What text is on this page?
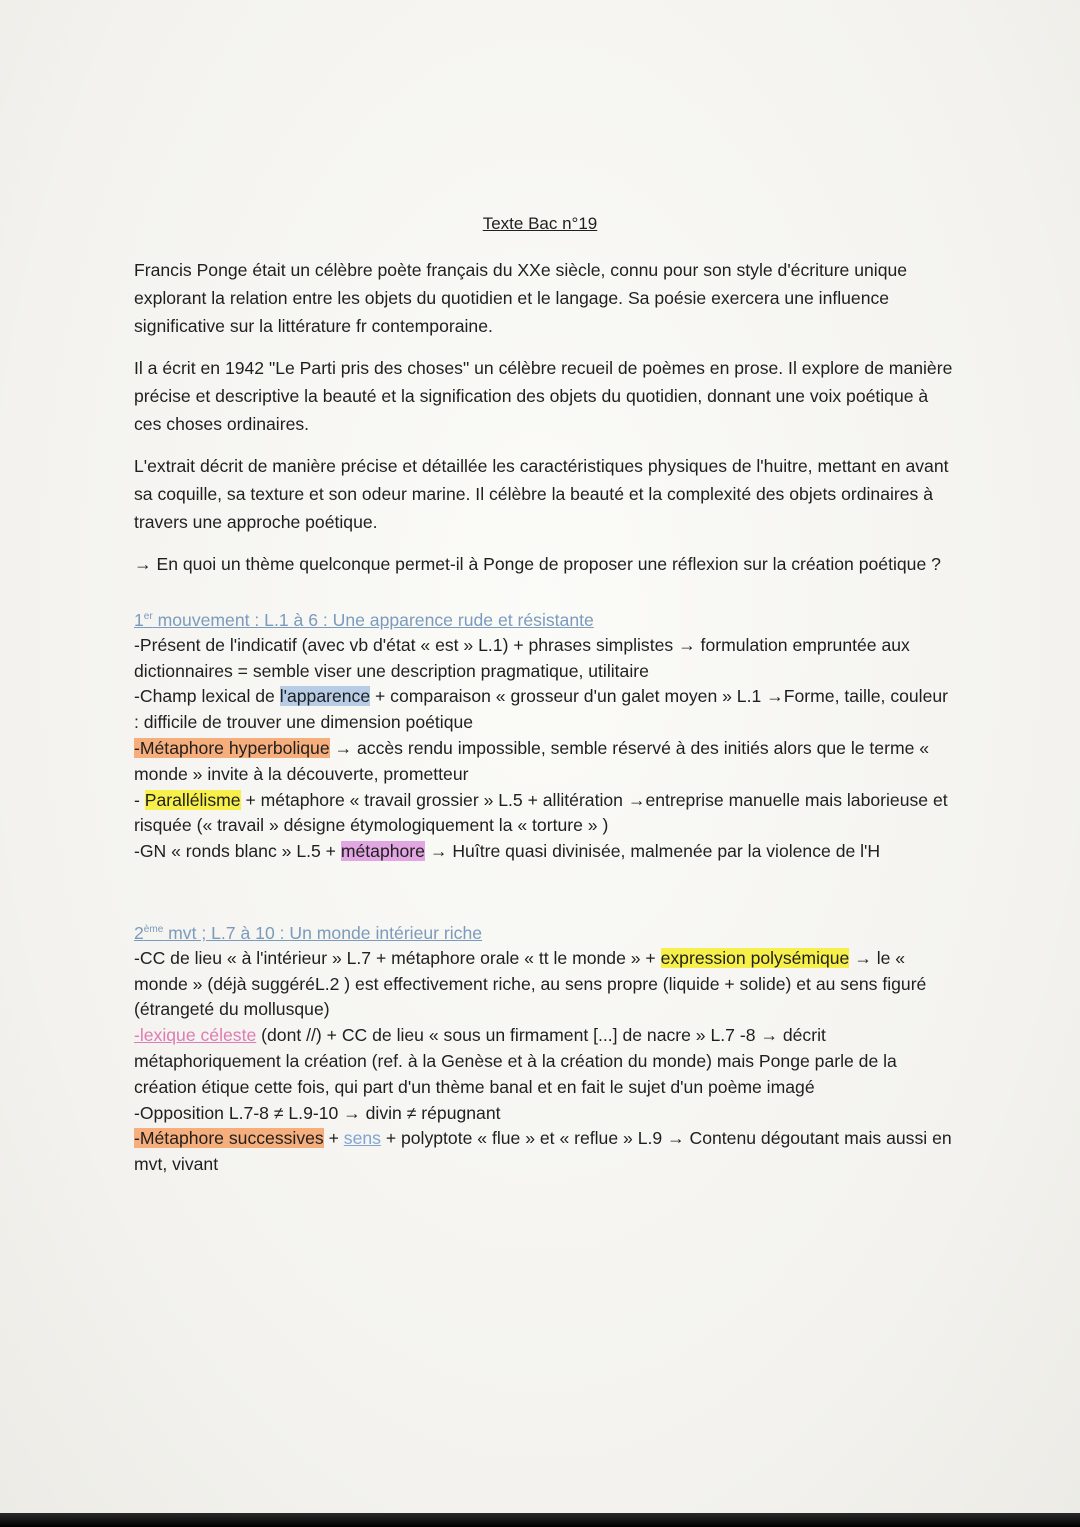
Texte Bac n°19

Francis Ponge était un célèbre poète français du XXe siècle, connu pour son style d'écriture unique explorant la relation entre les objets du quotidien et le langage. Sa poésie exercera une influence significative sur la littérature fr contemporaine.

Il a écrit en 1942 "Le Parti pris des choses" un célèbre recueil de poèmes en prose. Il explore de manière précise et descriptive la beauté et la signification des objets du quotidien, donnant une voix poétique à ces choses ordinaires.

L'extrait décrit de manière précise et détaillée les caractéristiques physiques de l'huitre, mettant en avant sa coquille, sa texture et son odeur marine. Il célèbre la beauté et la complexité des objets ordinaires à travers une approche poétique.

→ En quoi un thème quelconque permet-il à Ponge de proposer une réflexion sur la création poétique ?

1er mouvement : L.1 à 6 : Une apparence rude et résistante

-Présent de l'indicatif (avec vb d'état « est » L.1) + phrases simplistes → formulation empruntée aux dictionnaires = semble viser une description pragmatique, utilitaire

-Champ lexical de l'apparence + comparaison « grosseur d'un galet moyen » L.1 →Forme, taille, couleur : difficile de trouver une dimension poétique

-Métaphore hyperbolique → accès rendu impossible, semble réservé à des initiés alors que le terme « monde » invite à la découverte, prometteur

- Parallélisme + métaphore « travail grossier » L.5 + allitération →entreprise manuelle mais laborieuse et risquée (« travail » désigne étymologiquement la « torture » )

-GN « ronds blanc » L.5 + métaphore → Huître quasi divinisée, malmenée par la violence de l'H

2ème mvt ; L.7 à 10 : Un monde intérieur riche

-CC de lieu « à l'intérieur » L.7 + métaphore orale « tt le monde » + expression polysémique → le « monde » (déjà suggéréL.2 ) est effectivement riche, au sens propre (liquide + solide) et au sens figuré (étrangeté du mollusque)

-lexique céleste (dont //) + CC de lieu « sous un firmament [...] de nacre » L.7 -8 → décrit métaphoriquement la création (ref. à la Genèse et à la création du monde) mais Ponge parle de la création étique cette fois, qui part d'un thème banal et en fait le sujet d'un poème imagé

-Opposition L.7-8 ≠ L.9-10 → divin ≠ répugnant

-Métaphore successives + sens + polyptote « flue » et « reflue » L.9 → Contenu dégoutant mais aussi en mvt, vivant
